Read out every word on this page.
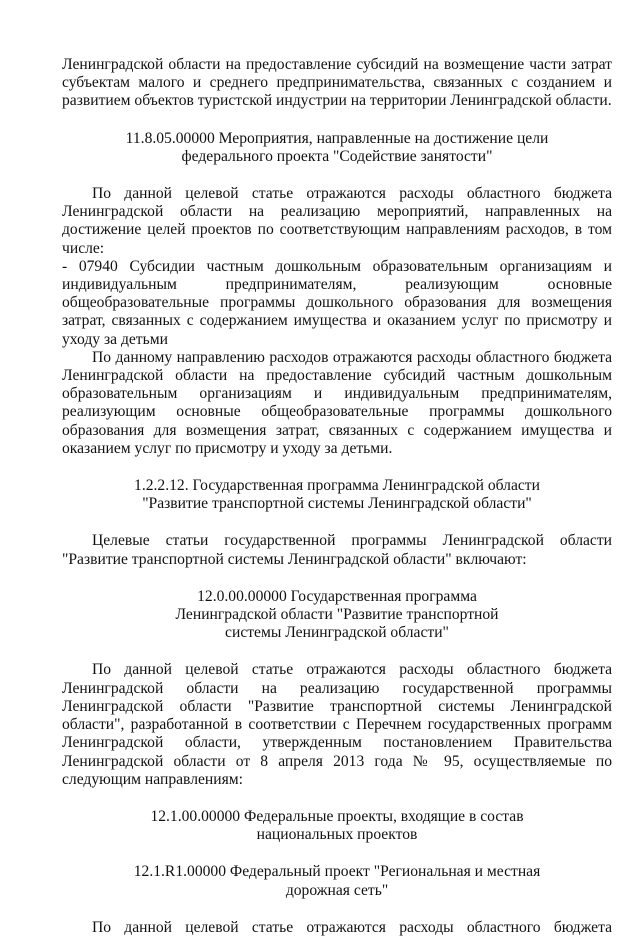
Ленинградской области на предоставление субсидий на возмещение части затрат субъектам малого и среднего предпринимательства, связанных с созданием и развитием объектов туристской индустрии на территории Ленинградской области.

11.8.05.00000 Мероприятия, направленные на достижение цели
федерального проекта "Содействие занятости"

По данной целевой статье отражаются расходы областного бюджета Ленинградской области на реализацию мероприятий, направленных на достижение целей проектов по соответствующим направлениям расходов, в том числе:

- 07940 Субсидии частным дошкольным образовательным организациям и индивидуальным предпринимателям, реализующим основные общеобразовательные программы дошкольного образования для возмещения затрат, связанных с содержанием имущества и оказанием услуг по присмотру и уходу за детьми

По данному направлению расходов отражаются расходы областного бюджета Ленинградской области на предоставление субсидий частным дошкольным образовательным организациям и индивидуальным предпринимателям, реализующим основные общеобразовательные программы дошкольного образования для возмещения затрат, связанных с содержанием имущества и оказанием услуг по присмотру и уходу за детьми.

1.2.2.12. Государственная программа Ленинградской области
"Развитие транспортной системы Ленинградской области"

Целевые статьи государственной программы Ленинградской области "Развитие транспортной системы Ленинградской области" включают:

12.0.00.00000 Государственная программа
Ленинградской области "Развитие транспортной
системы Ленинградской области"

По данной целевой статье отражаются расходы областного бюджета Ленинградской области на реализацию государственной программы Ленинградской области "Развитие транспортной системы Ленинградской области", разработанной в соответствии с Перечнем государственных программ Ленинградской области, утвержденным постановлением Правительства Ленинградской области от 8 апреля 2013 года № 95, осуществляемые по следующим направлениям:

12.1.00.00000 Федеральные проекты, входящие в состав
национальных проектов
12.1.R1.00000 Федеральный проект "Региональная и местная
дорожная сеть"

По данной целевой статье отражаются расходы областного бюджета
